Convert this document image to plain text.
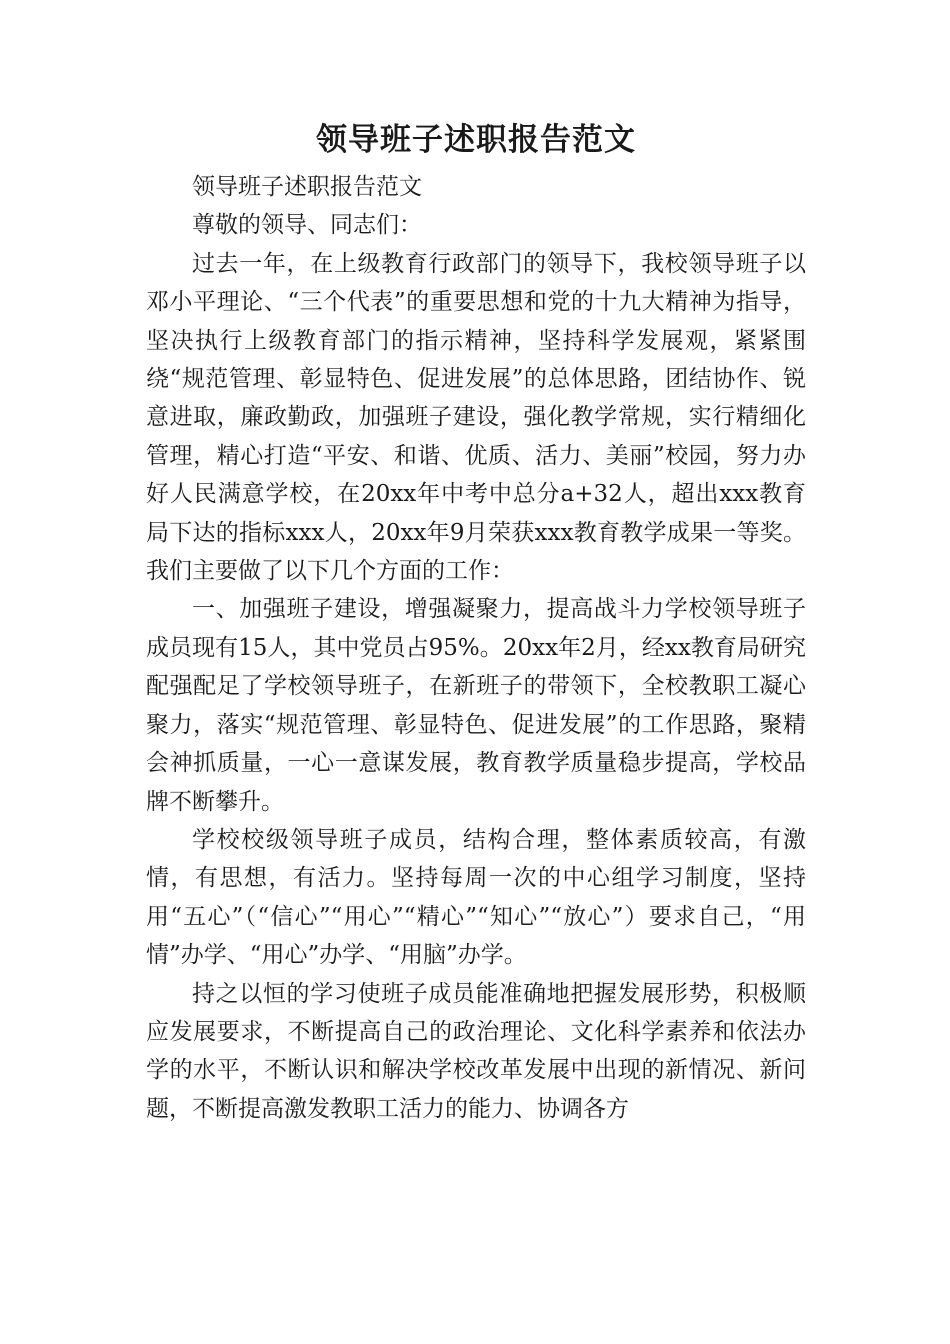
领导班子述职报告范文

领导班子述职报告范文

尊敬的领导、同志们：

过去一年，在上级教育行政部门的领导下，我校领导班子以邓小平理论、“三个代表”的重要思想和党的十九大精神为指导，坚决执行上级教育部门的指示精神，坚持科学发展观，紧紧围绕“规范管理、彰显特色、促进发展”的总体思路，团结协作、锐意进取，廉政勤政，加强班子建设，强化教学常规，实行精细化管理，精心打造“平安、和谐、优质、活力、美丽”校园，努力办好人民满意学校，在20xx年中考中总分a+32人，超出xxx教育局下达的指标xxx人，20xx年9月荣获xxx教育教学成果一等奖。我们主要做了以下几个方面的工作：

一、加强班子建设，增强凝聚力，提高战斗力学校领导班子成员现有15人，其中党员占95%。20xx年2月，经xx教育局研究配强配足了学校领导班子，在新班子的带领下，全校教职工凝心聚力，落实“规范管理、彰显特色、促进发展”的工作思路，聚精会神抓质量，一心一意谋发展，教育教学质量稳步提高，学校品牌不断攀升。

学校校级领导班子成员，结构合理，整体素质较高，有激情，有思想，有活力。坚持每周一次的中心组学习制度，坚持用“五心”（“信心”“用心”“精心”“知心”“放心”）要求自己，“用情”办学、“用心”办学、“用脑”办学。

持之以恒的学习使班子成员能准确地把握发展形势，积极顺应发展要求，不断提高自己的政治理论、文化科学素养和依法办学的水平，不断认识和解决学校改革发展中出现的新情况、新问题，不断提高激发教职工活力的能力、协调各方
